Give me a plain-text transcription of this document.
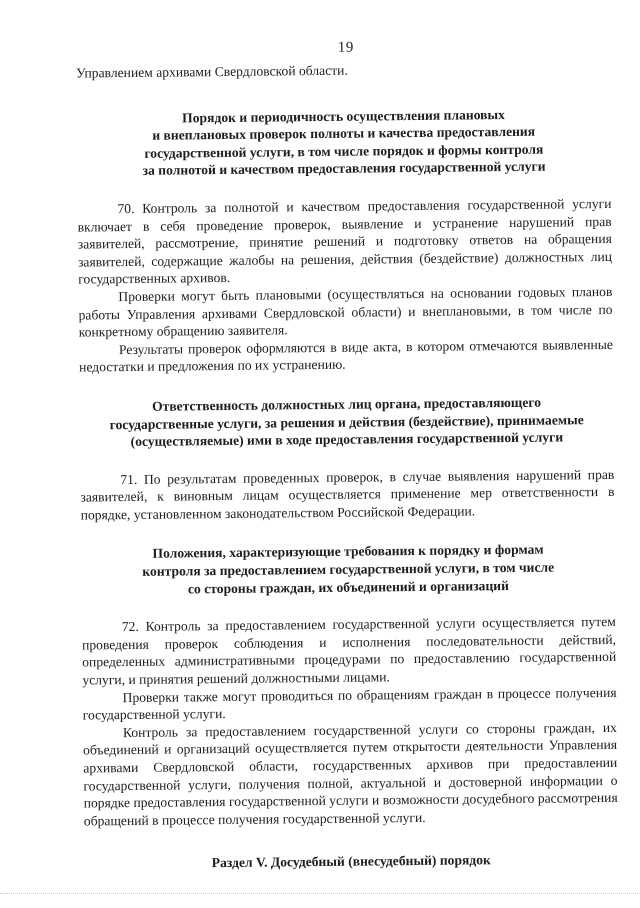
19

Управлением архивами Свердловской области.

Порядок и периодичность осуществления плановых
и внеплановых проверок полноты и качества предоставления
государственной услуги, в том числе порядок и формы контроля
за полнотой и качеством предоставления государственной услуги

70. Контроль за полнотой и качеством предоставления государственной услуги включает в себя проведение проверок, выявление и устранение нарушений прав заявителей, рассмотрение, принятие решений и подготовку ответов на обращения заявителей, содержащие жалобы на решения, действия (бездействие) должностных лиц государственных архивов.

Проверки могут быть плановыми (осуществляться на основании годовых планов работы Управления архивами Свердловской области) и внеплановыми, в том числе по конкретному обращению заявителя.

Результаты проверок оформляются в виде акта, в котором отмечаются выявленные недостатки и предложения по их устранению.

Ответственность должностных лиц органа, предоставляющего
государственные услуги, за решения и действия (бездействие), принимаемые
(осуществляемые) ими в ходе предоставления государственной услуги

71. По результатам проведенных проверок, в случае выявления нарушений прав заявителей, к виновным лицам осуществляется применение мер ответственности в порядке, установленном законодательством Российской Федерации.

Положения, характеризующие требования к порядку и формам
контроля за предоставлением государственной услуги, в том числе
со стороны граждан, их объединений и организаций

72. Контроль за предоставлением государственной услуги осуществляется путем проведения проверок соблюдения и исполнения последовательности действий, определенных административными процедурами по предоставлению государственной услуги, и принятия решений должностными лицами.

Проверки также могут проводиться по обращениям граждан в процессе получения государственной услуги.

Контроль за предоставлением государственной услуги со стороны граждан, их объединений и организаций осуществляется путем открытости деятельности Управления архивами Свердловской области, государственных архивов при предоставлении государственной услуги, получения полной, актуальной и достоверной информации о порядке предоставления государственной услуги и возможности досудебного рассмотрения обращений в процессе получения государственной услуги.

Раздел V. Досудебный (внесудебный) порядок
